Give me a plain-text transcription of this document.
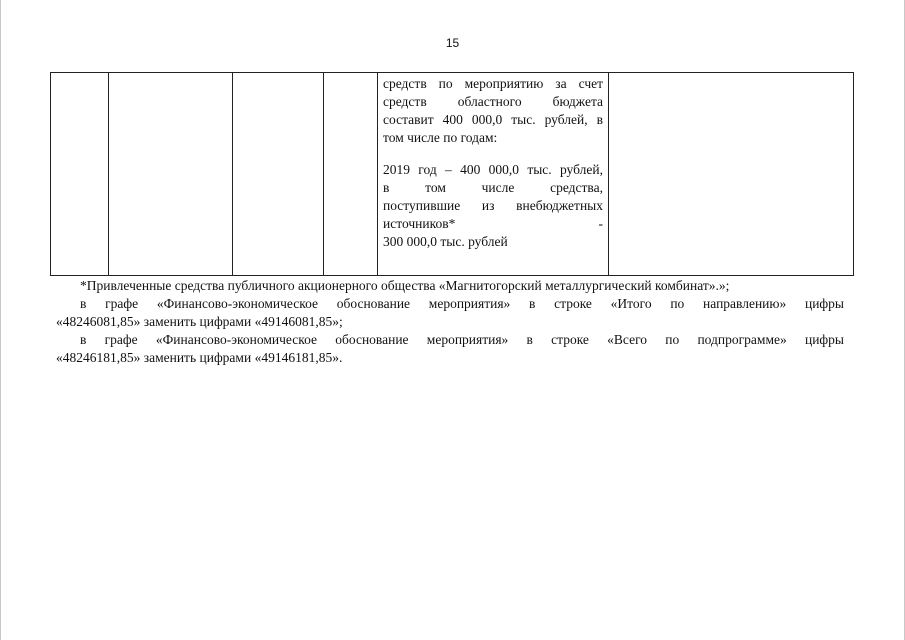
15

средств по мероприятию за счет

средств областного бюджета

составит 400 000,0 тыс. рублей, в

том числе по годам:

2019 год – 400 000,0 тыс. рублей,

в том числе средства,

поступившие из внебюджетных

источников*	-

300 000,0 тыс. рублей

*Привлеченные средства публичного акционерного общества «Магнитогорский металлургический комбинат».»;

в графе «Финансово-экономическое обоснование мероприятия» в строке «Итого по направлению» цифры

«48246081,85» заменить цифрами «49146081,85»;

в графе «Финансово-экономическое обоснование мероприятия» в строке «Всего по подпрограмме» цифры

«48246181,85» заменить цифрами «49146181,85».
